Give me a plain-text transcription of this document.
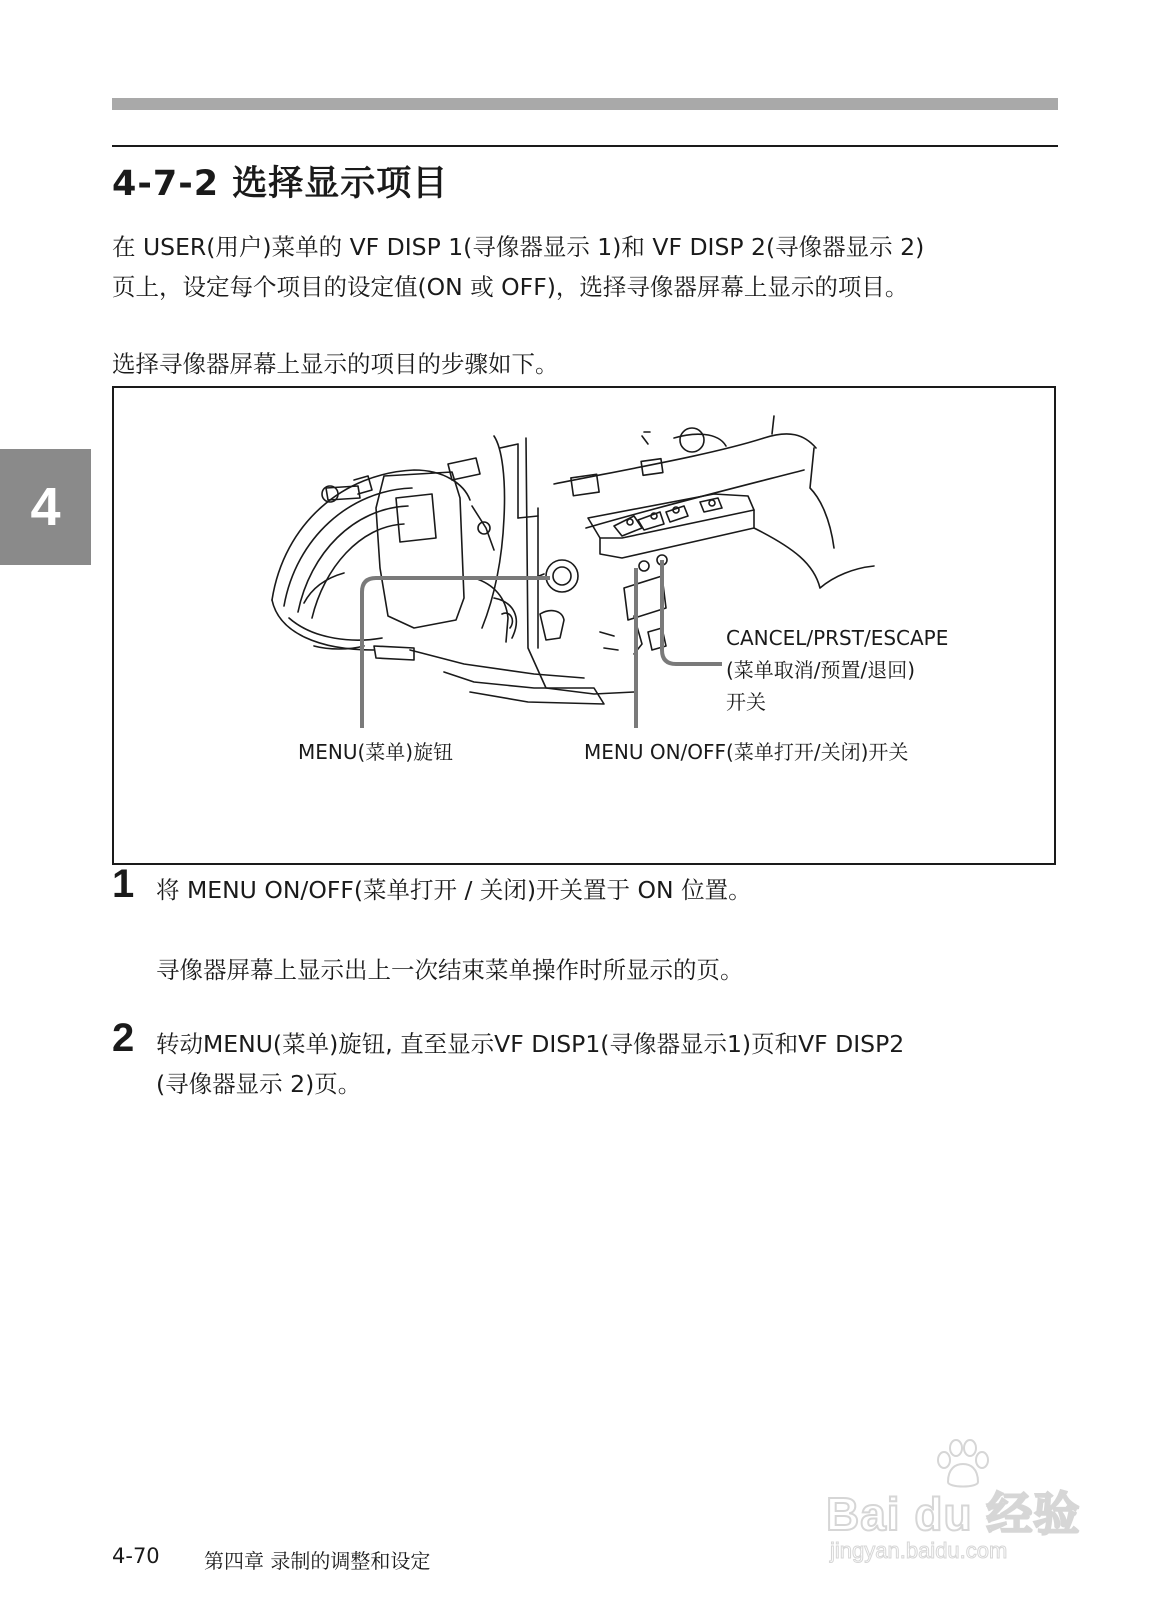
4-7-2 选择显示项目
在 USER(用户)菜单的 VF DISP 1(寻像器显示 1)和 VF DISP 2(寻像器显示 2)
页上，设定每个项目的设定值(ON 或 OFF)，选择寻像器屏幕上显示的项目。
选择寻像器屏幕上显示的项目的步骤如下。
4
CANCEL/PRST/ESCAPE
(菜单取消/预置/退回)
开关
MENU(菜单)旋钮	MENU ON/OFF(菜单打开/关闭)开关
1 将 MENU ON/OFF(菜单打开 / 关闭)开关置于 ON 位置。
寻像器屏幕上显示出上一次结束菜单操作时所显示的页。
2 转动MENU(菜单)旋钮, 直至显示VF DISP1(寻像器显示1)页和VF DISP2
(寻像器显示 2)页。
4-70 第四章 录制的调整和设定
Bai du 经验
jingyan.baidu.com
